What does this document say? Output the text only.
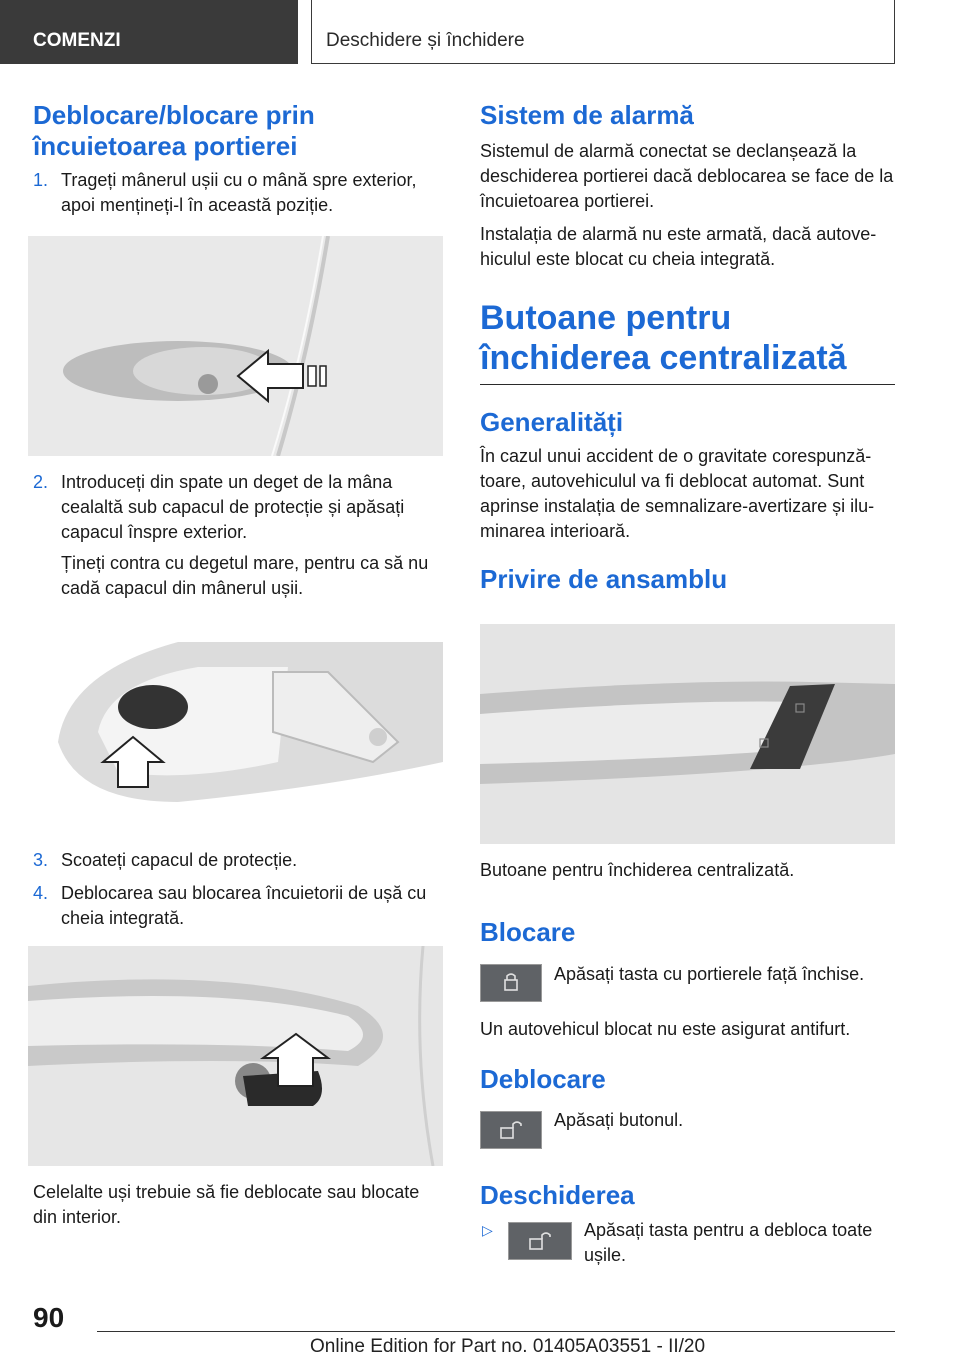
COMENZI	Deschidere și închidere
Deblocare/blocare prin încuietoarea portierei
1. Trageți mânerul ușii cu o mână spre exterior, apoi mențineți-l în această poziție.
2. Introduceți din spate un deget de la mâna cealaltă sub capacul de protecție și apăsați capacul înspre exterior.
Țineți contra cu degetul mare, pentru ca să nu cadă capacul din mânerul ușii.
3. Scoateți capacul de protecție.
4. Deblocarea sau blocarea încuietorii de ușă cu cheia integrată.

Celelalte uși trebuie să fie deblocate sau blocate din interior.

Sistem de alarmă

Sistemul de alarmă conectat se declanșează la deschiderea portierei dacă deblocarea se face de la încuietoarea portierei.

Instalația de alarmă nu este armată, dacă autove-hiculul este blocat cu cheia integrată.

Butoane pentru închiderea centralizată
Generalități

În cazul unui accident de o gravitate corespunză-toare, autovehiculul va fi deblocat automat. Sunt aprinse instalația de semnalizare-avertizare și ilu-minarea interioară.

Privire de ansamblu

Butoane pentru închiderea centralizată.

Blocare

Apăsați tasta cu portierele față închise.

Un autovehicul blocat nu este asigurat antifurt.

Deblocare

Apăsați butonul.

Deschiderea
▷	Apăsați tasta pentru a debloca toate ușile.

90
Online Edition for Part no. 01405A03551 - II/20
